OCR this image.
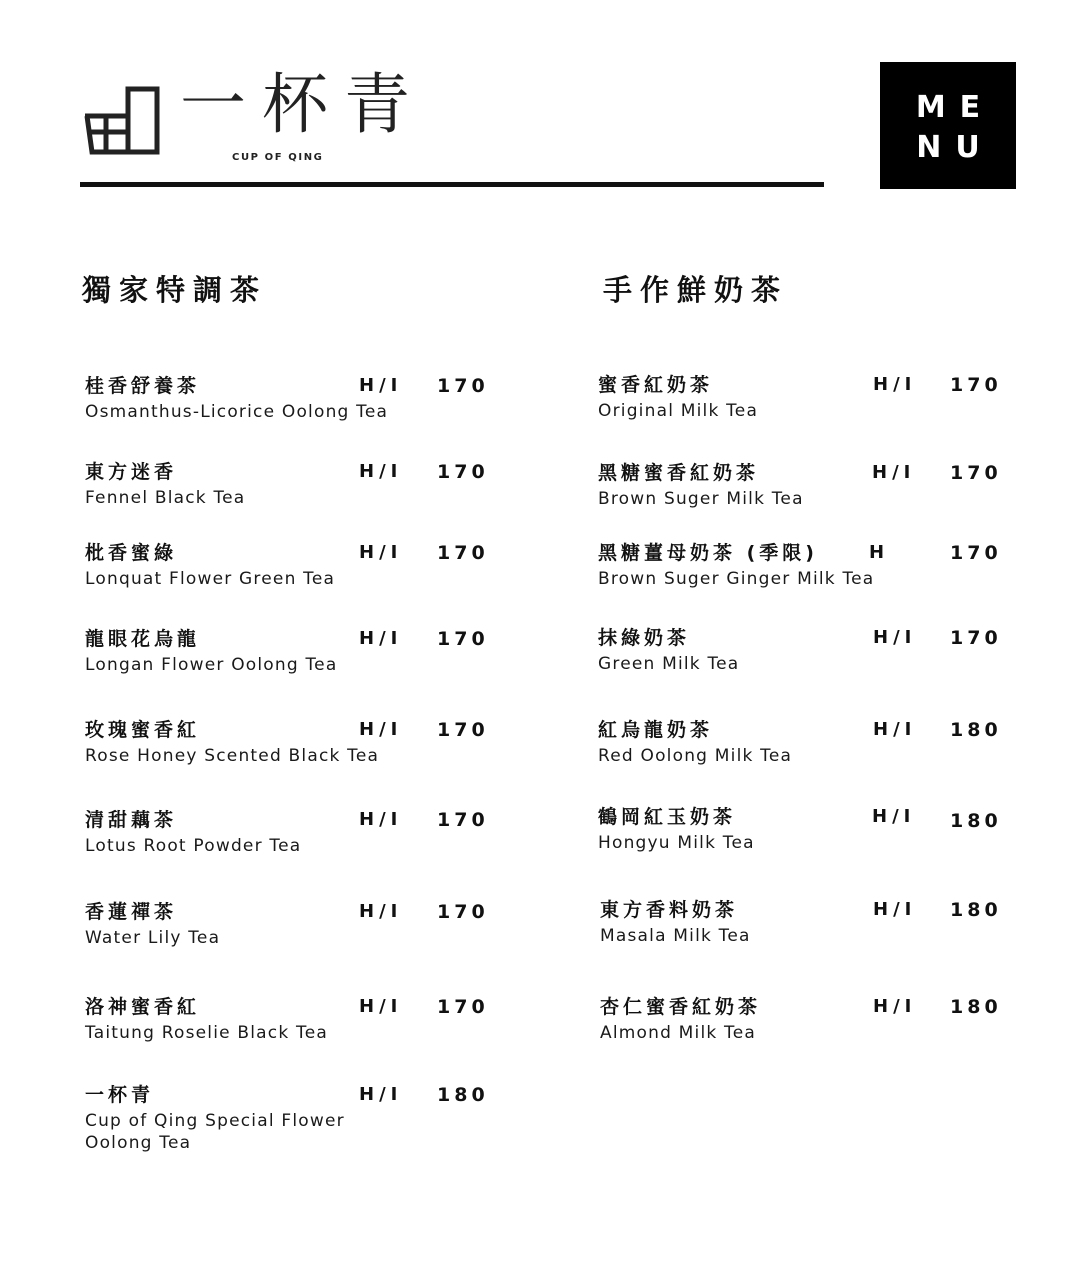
一杯青
CUP OF QING
ME
NU
獨家特調茶	手作鮮奶茶
桂香舒養茶
Osmanthus-Licorice Oolong Tea
H/I 170
東方迷香
Fennel Black Tea
H/I 170
枇香蜜綠
Lonquat Flower Green Tea
H/I 170
龍眼花烏龍
Longan Flower Oolong Tea
H/I 170
玫瑰蜜香紅
Rose Honey Scented Black Tea
H/I 170
清甜藕茶
Lotus Root Powder Tea
H/I 170
香蓮禪茶
Water Lily Tea
H/I 170
洛神蜜香紅
Taitung Roselie Black Tea
H/I 170
一杯青
Cup of Qing Special Flower
Oolong Tea
H/I 180
蜜香紅奶茶
Original Milk Tea
H/I 170
黑糖蜜香紅奶茶
Brown Suger Milk Tea
H/I 170
黑糖薑母奶茶 (季限)
Brown Suger Ginger Milk Tea
H	170
抹綠奶茶
Green Milk Tea
H/I 170
紅烏龍奶茶
Red Oolong Milk Tea
H/I 180
鶴岡紅玉奶茶
Hongyu Milk Tea
H/I 180
東方香料奶茶
Masala Milk Tea
H/I 180
杏仁蜜香紅奶茶
Almond Milk Tea
H/I 180
